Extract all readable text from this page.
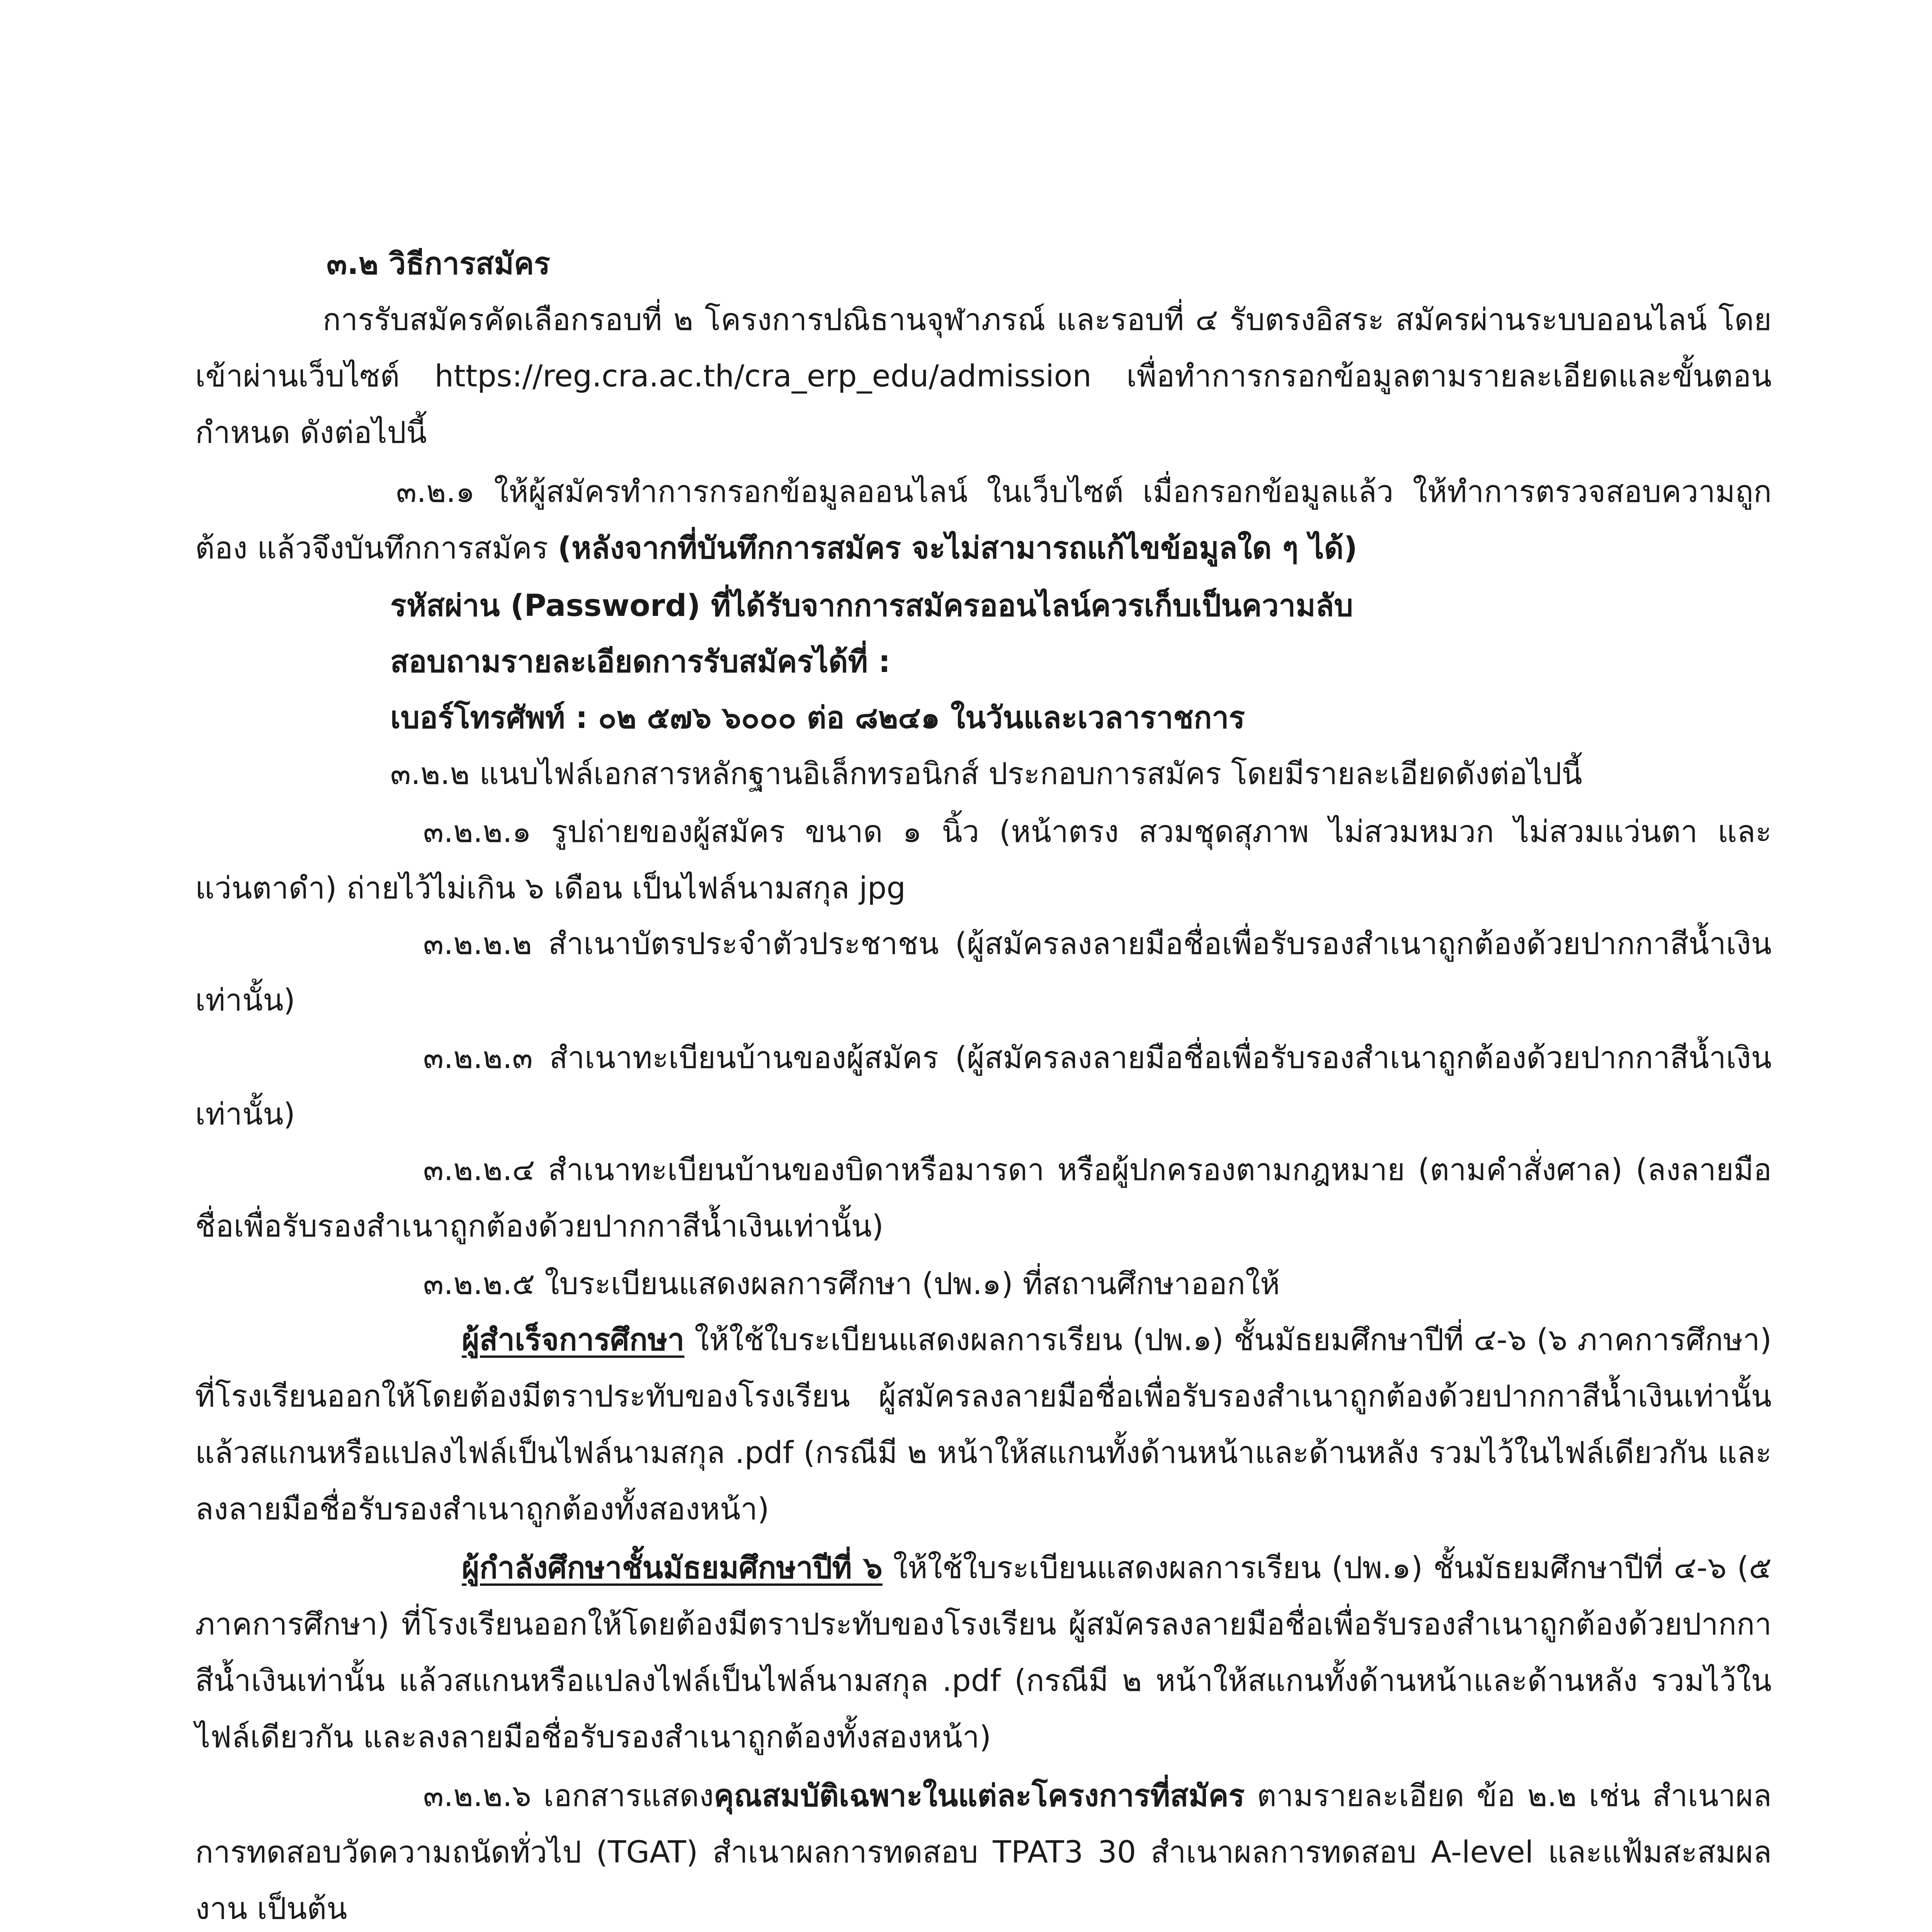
๓.๒ วิธีการสมัคร

การรับสมัครคัดเลือกรอบที่ ๒ โครงการปณิธานจุฬาภรณ์ และรอบที่ ๔ รับตรงอิสระ สมัครผ่านระบบออนไลน์ โดยเข้าผ่านเว็บไซต์ https://reg.cra.ac.th/cra_erp_edu/admission เพื่อทำการกรอกข้อมูลตามรายละเอียดและขั้นตอนกำหนด ดังต่อไปนี้

๓.๒.๑ ให้ผู้สมัครทำการกรอกข้อมูลออนไลน์ ในเว็บไซต์ เมื่อกรอกข้อมูลแล้ว ให้ทำการตรวจสอบความถูกต้อง แล้วจึงบันทึกการสมัคร (หลังจากที่บันทึกการสมัคร จะไม่สามารถแก้ไขข้อมูลใด ๆ ได้)

รหัสผ่าน (Password) ที่ได้รับจากการสมัครออนไลน์ควรเก็บเป็นความลับ

สอบถามรายละเอียดการรับสมัครได้ที่ :

เบอร์โทรศัพท์ : ๐๒ ๕๗๖ ๖๐๐๐ ต่อ ๘๒๔๑ ในวันและเวลาราชการ

๓.๒.๒ แนบไฟล์เอกสารหลักฐานอิเล็กทรอนิกส์ ประกอบการสมัคร โดยมีรายละเอียดดังต่อไปนี้

๓.๒.๒.๑ รูปถ่ายของผู้สมัคร ขนาด ๑ นิ้ว (หน้าตรง สวมชุดสุภาพ ไม่สวมหมวก ไม่สวมแว่นตา และแว่นตาดำ) ถ่ายไว้ไม่เกิน ๖ เดือน เป็นไฟล์นามสกุล jpg

๓.๒.๒.๒ สำเนาบัตรประจำตัวประชาชน (ผู้สมัครลงลายมือชื่อเพื่อรับรองสำเนาถูกต้องด้วยปากกาสีน้ำเงินเท่านั้น)

๓.๒.๒.๓ สำเนาทะเบียนบ้านของผู้สมัคร (ผู้สมัครลงลายมือชื่อเพื่อรับรองสำเนาถูกต้องด้วยปากกาสีน้ำเงินเท่านั้น)

๓.๒.๒.๔ สำเนาทะเบียนบ้านของบิดาหรือมารดา หรือผู้ปกครองตามกฎหมาย (ตามคำสั่งศาล) (ลงลายมือชื่อเพื่อรับรองสำเนาถูกต้องด้วยปากกาสีน้ำเงินเท่านั้น)

๓.๒.๒.๕ ใบระเบียนแสดงผลการศึกษา (ปพ.๑) ที่สถานศึกษาออกให้

ผู้สำเร็จการศึกษา ให้ใช้ใบระเบียนแสดงผลการเรียน (ปพ.๑) ชั้นมัธยมศึกษาปีที่ ๔-๖ (๖ ภาคการศึกษา) ที่โรงเรียนออกให้โดยต้องมีตราประทับของโรงเรียน ผู้สมัครลงลายมือชื่อเพื่อรับรองสำเนาถูกต้องด้วยปากกาสีน้ำเงินเท่านั้น แล้วสแกนหรือแปลงไฟล์เป็นไฟล์นามสกุล .pdf (กรณีมี ๒ หน้าให้สแกนทั้งด้านหน้าและด้านหลัง รวมไว้ในไฟล์เดียวกัน และลงลายมือชื่อรับรองสำเนาถูกต้องทั้งสองหน้า)

ผู้กำลังศึกษาชั้นมัธยมศึกษาปีที่ ๖ ให้ใช้ใบระเบียนแสดงผลการเรียน (ปพ.๑) ชั้นมัธยมศึกษาปีที่ ๔-๖ (๕ ภาคการศึกษา) ที่โรงเรียนออกให้โดยต้องมีตราประทับของโรงเรียน ผู้สมัครลงลายมือชื่อเพื่อรับรองสำเนาถูกต้องด้วยปากกาสีน้ำเงินเท่านั้น แล้วสแกนหรือแปลงไฟล์เป็นไฟล์นามสกุล .pdf (กรณีมี ๒ หน้าให้สแกนทั้งด้านหน้าและด้านหลัง รวมไว้ในไฟล์เดียวกัน และลงลายมือชื่อรับรองสำเนาถูกต้องทั้งสองหน้า)

๓.๒.๒.๖ เอกสารแสดงคุณสมบัติเฉพาะในแต่ละโครงการที่สมัคร ตามรายละเอียด ข้อ ๒.๒ เช่น สำเนาผลการทดสอบวัดความถนัดทั่วไป (TGAT) สำเนาผลการทดสอบ TPAT3 30 สำเนาผลการทดสอบ A-level และแฟ้มสะสมผลงาน เป็นต้น
